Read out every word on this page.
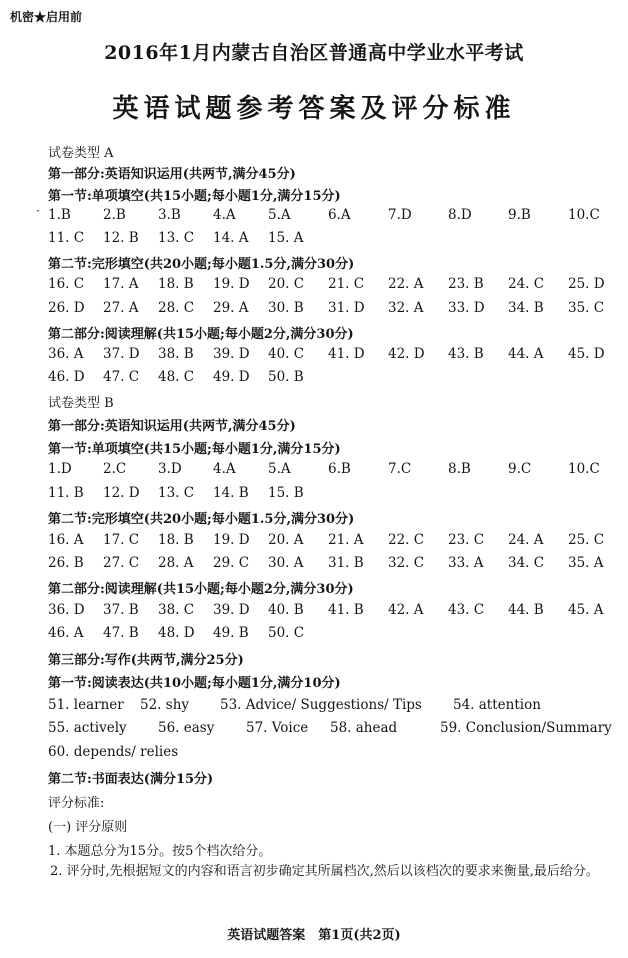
机密★启用前
2016年1月内蒙古自治区普通高中学业水平考试
英语试题参考答案及评分标准
试卷类型 A
第一部分:英语知识运用(共两节,满分45分)
第一节:单项填空(共15小题;每小题1分,满分15分)
· 1.B 2.B 3.B 4.A 5.A	6.A	7.D	8.D	9.B	10.C
11. C 12. B 13. C 14. A 15. A
第二节:完形填空(共20小题;每小题1.5分,满分30分)
16. C 17. A 18. B 19. D 20. C 21. C 22. A 23. B 24. C 25. D
26. D 27. A 28. C 29. A 30. B 31. D 32. A 33. D 34. B 35. C
第二部分:阅读理解(共15小题;每小题2分,满分30分)
36. A 37. D 38. B 39. D 40. C 41. D 42. D 43. B 44. A 45. D
46. D 47. C 48. C 49. D 50. B
试卷类型 B
第一部分:英语知识运用(共两节,满分45分)
第一节:单项填空(共15小题;每小题1分,满分15分)
1.D 2.C 3.D 4.A 5.A	6.B	7.C	8.B	9.C	10.C
11. B 12. D 13. C 14. B 15. B
第二节:完形填空(共20小题;每小题1.5分,满分30分)
16. A 17. C 18. B 19. D 20. A 21. A 22. C 23. C 24. A 25. C
26. B 27. C 28. A 29. C 30. A 31. B 32. C 33. A 34. C 35. A
第二部分:阅读理解(共15小题;每小题2分,满分30分)
36. D 37. B 38. C 39. D 40. B 41. B 42. A 43. C 44. B 45. A
46. A 47. B 48. D 49. B 50. C
第三部分:写作(共两节,满分25分)
第一节:阅读表达(共10小题;每小题1分,满分10分)
51. learner 52. shy 53. Advice/ Suggestions/ Tips 54. attention
55. actively 56. easy 57. Voice 58. ahead	59. Conclusion/Summary
60. depends/ relies
第二节:书面表达(满分15分)
评分标准:
(一) 评分原则
1. 本题总分为15分。按5个档次给分。
2. 评分时,先根据短文的内容和语言初步确定其所属档次,然后以该档次的要求来衡量,最后给分。
英语试题答案　第1页(共2页)
